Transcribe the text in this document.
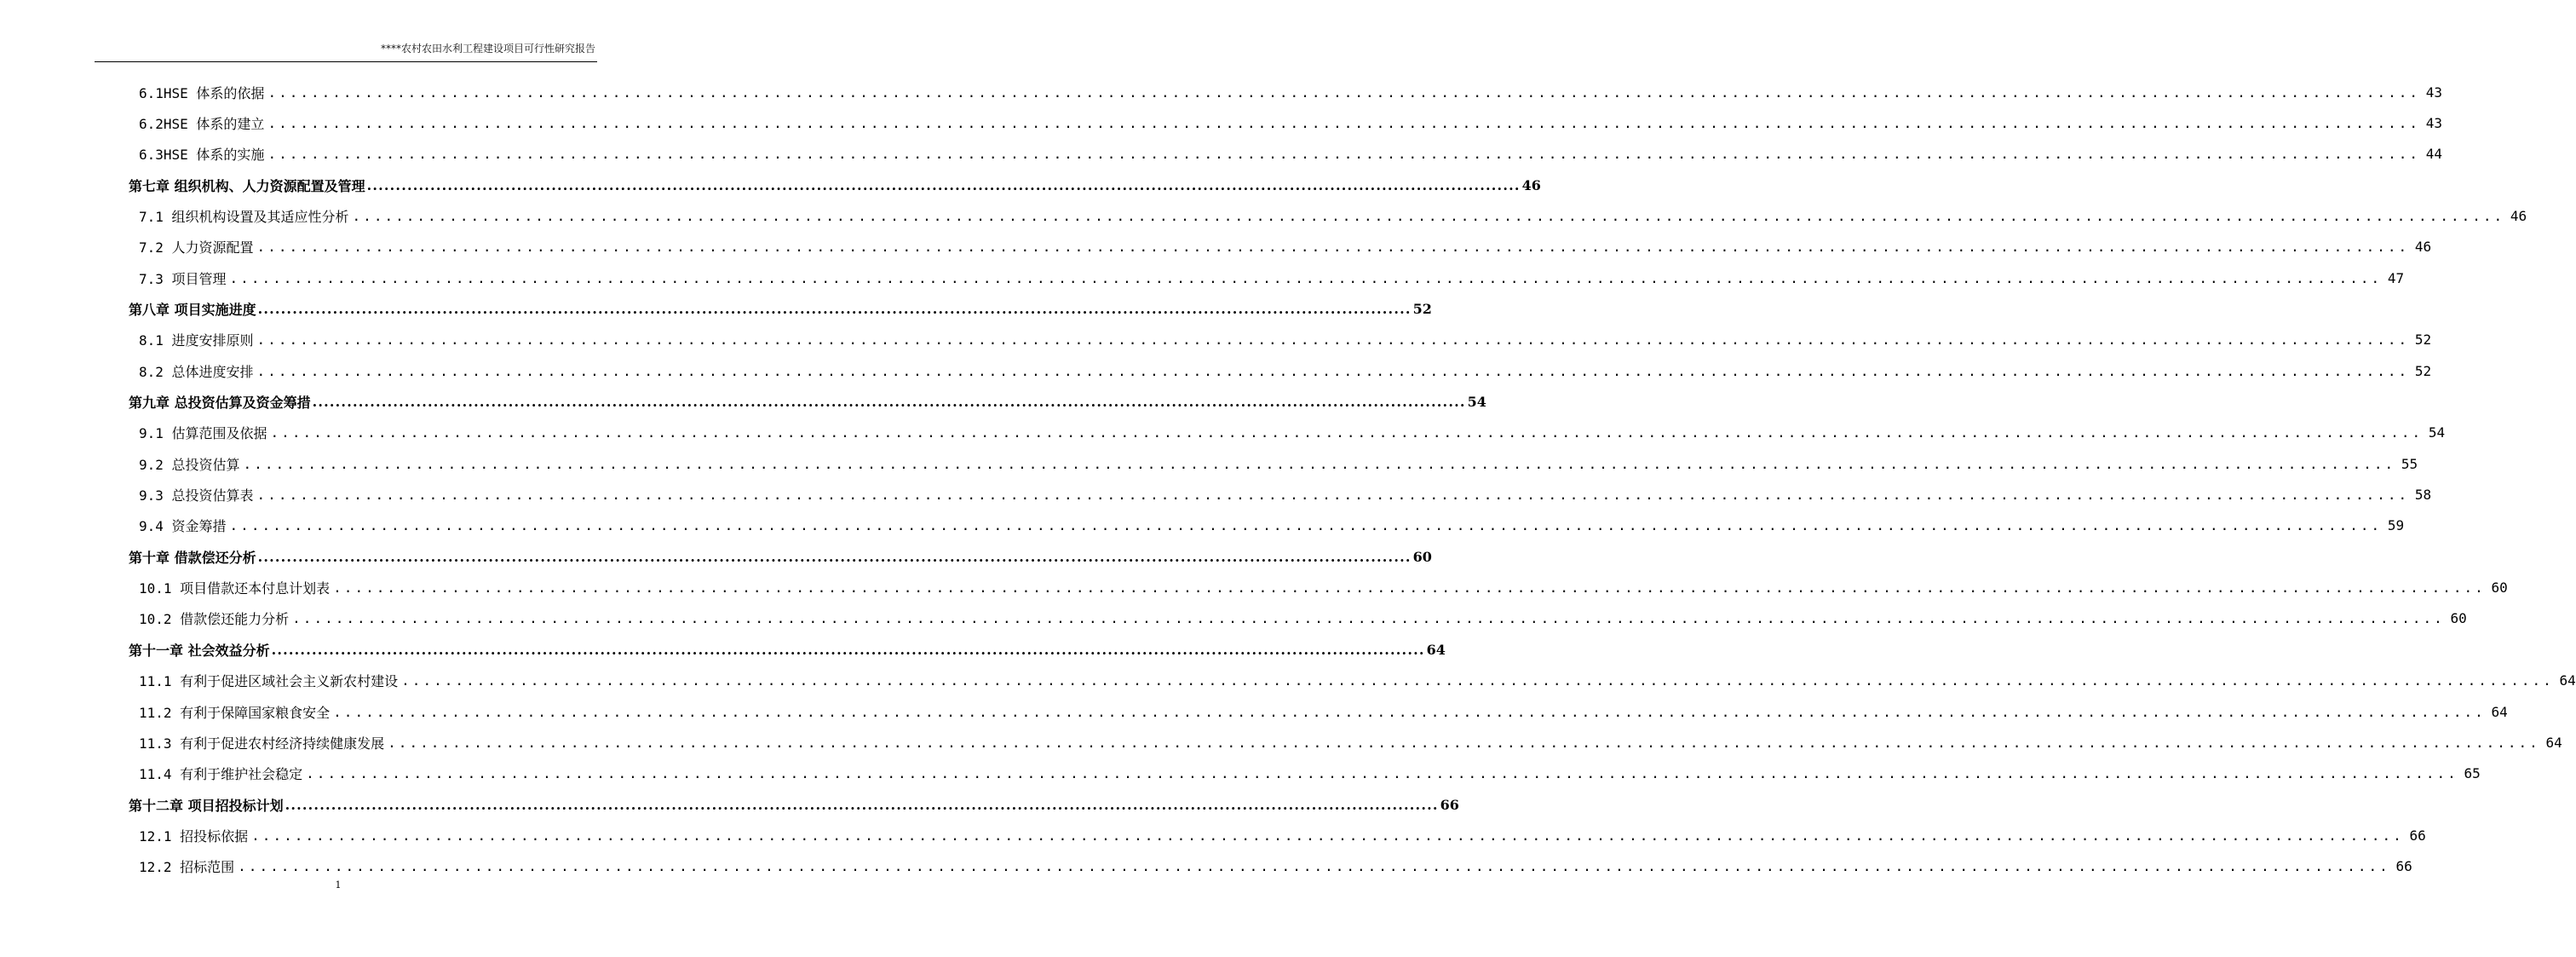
****农村农田水利工程建设项目可行性研究报告
6.1HSE 体系的依据 ........................................................................................................................................................................................................ 43
6.2HSE 体系的建立 ........................................................................................................................................................................................................ 43
6.3HSE 体系的实施 ........................................................................................................................................................................................................ 44
第七章 组织机构、人力资源配置及管理 ........................................................................................................................................................................................................ 46
7.1 组织机构设置及其适应性分析 ........................................................................................................................................................................................................ 46
7.2 人力资源配置 ........................................................................................................................................................................................................ 46
7.3 项目管理 ........................................................................................................................................................................................................ 47
第八章 项目实施进度 ........................................................................................................................................................................................................ 52
8.1 进度安排原则 ........................................................................................................................................................................................................ 52
8.2 总体进度安排 ........................................................................................................................................................................................................ 52
第九章 总投资估算及资金筹措 ........................................................................................................................................................................................................ 54
9.1 估算范围及依据 ........................................................................................................................................................................................................ 54
9.2 总投资估算 ........................................................................................................................................................................................................ 55
9.3 总投资估算表 ........................................................................................................................................................................................................ 58
9.4 资金筹措 ........................................................................................................................................................................................................ 59
第十章 借款偿还分析 ........................................................................................................................................................................................................ 60
10.1 项目借款还本付息计划表 ........................................................................................................................................................................................................ 60
10.2 借款偿还能力分析 ........................................................................................................................................................................................................ 60
第十一章 社会效益分析 ........................................................................................................................................................................................................ 64
11.1 有利于促进区域社会主义新农村建设 ........................................................................................................................................................................................................ 64
11.2 有利于保障国家粮食安全 ........................................................................................................................................................................................................ 64
11.3 有利于促进农村经济持续健康发展 ........................................................................................................................................................................................................ 64
11.4 有利于维护社会稳定 ........................................................................................................................................................................................................ 65
第十二章 项目招投标计划 ........................................................................................................................................................................................................ 66
12.1 招投标依据 ........................................................................................................................................................................................................ 66
12.2 招标范围 ........................................................................................................................................................................................................ 66
1
